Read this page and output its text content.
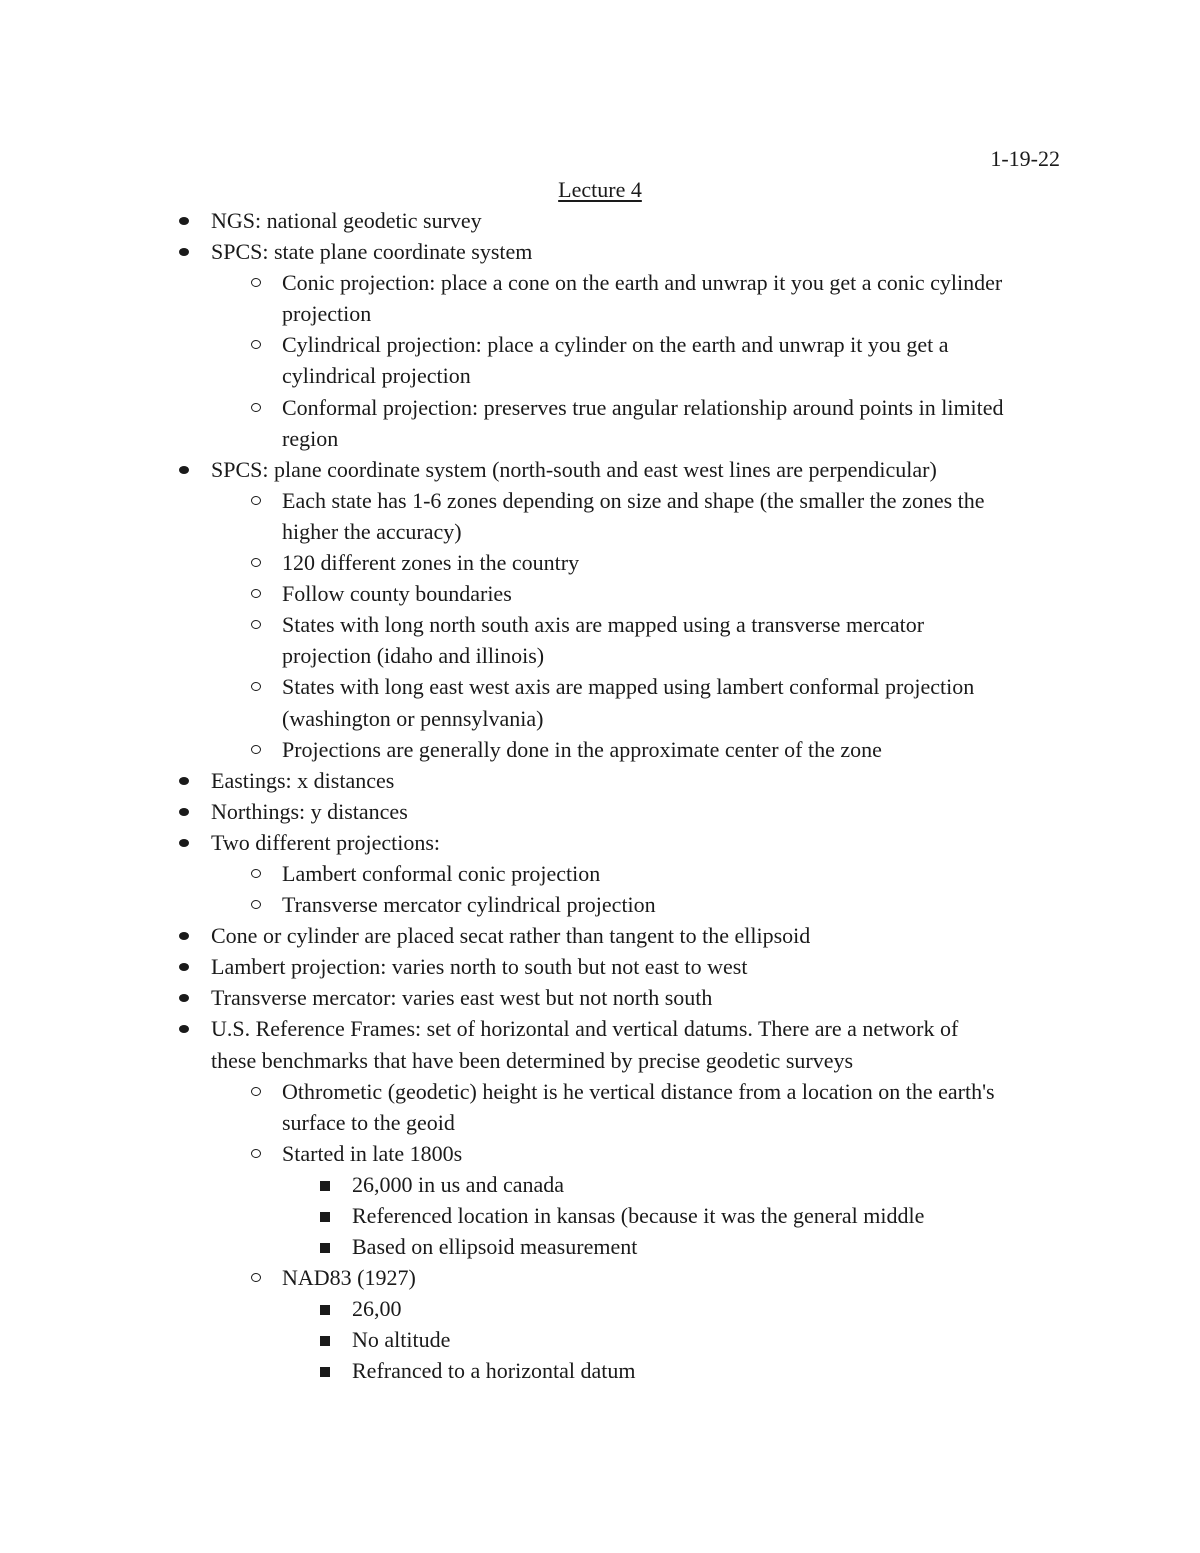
1-19-22
Lecture 4
NGS: national geodetic survey
SPCS: state plane coordinate system
Conic projection: place a cone on the earth and unwrap it you get a conic cylinder
projection
Cylindrical projection: place a cylinder on the earth and unwrap it you get a
cylindrical projection
Conformal projection: preserves true angular relationship around points in limited
region
SPCS: plane coordinate system (north-south and east west lines are perpendicular)
Each state has 1-6 zones depending on size and shape (the smaller the zones the
higher the accuracy)
120 different zones in the country
Follow county boundaries
States with long north south axis are mapped using a transverse mercator
projection (idaho and illinois)
States with long east west axis are mapped using lambert conformal projection
(washington or pennsylvania)
Projections are generally done in the approximate center of the zone
Eastings: x distances
Northings: y distances
Two different projections:
Lambert conformal conic projection
Transverse mercator cylindrical projection
Cone or cylinder are placed secat rather than tangent to the ellipsoid
Lambert projection: varies north to south but not east to west
Transverse mercator: varies east west but not north south
U.S. Reference Frames: set of horizontal and vertical datums. There are a network of
these benchmarks that have been determined by precise geodetic surveys
Othrometic (geodetic) height is he vertical distance from a location on the earth's
surface to the geoid
Started in late 1800s
26,000 in us and canada
Referenced location in kansas (because it was the general middle
Based on ellipsoid measurement
NAD83 (1927)
26,00
No altitude
Refranced to a horizontal datum
